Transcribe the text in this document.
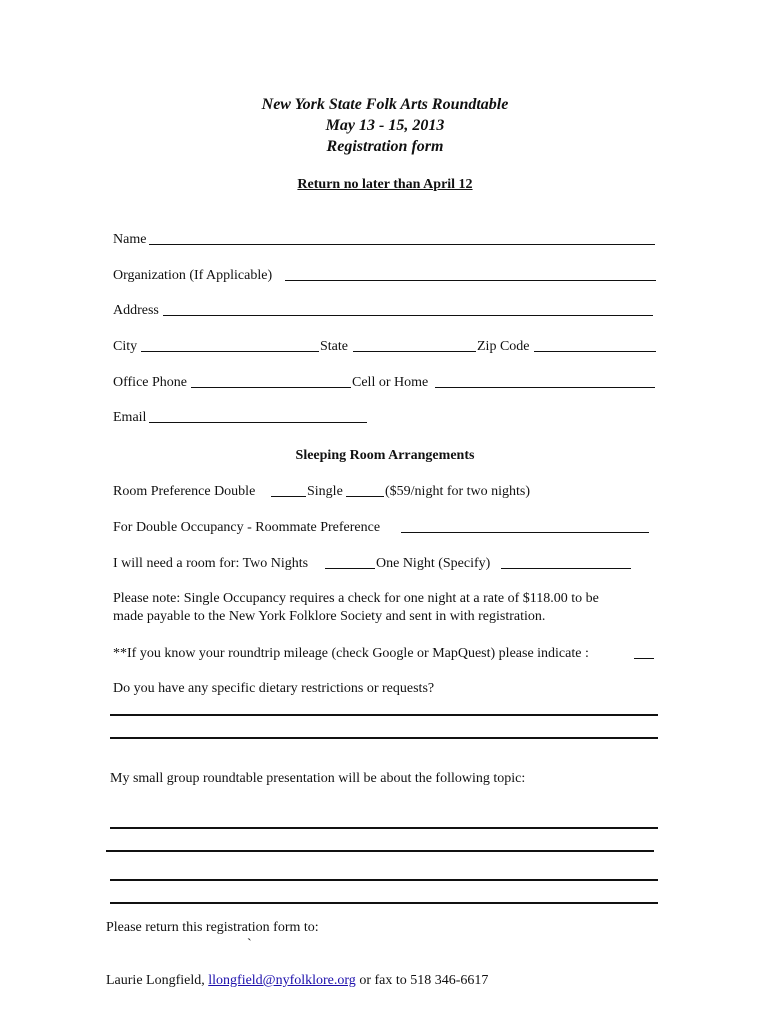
New York State Folk Arts Roundtable
May 13 - 15, 2013
Registration form
Return no later than April 12
Name
Organization (If Applicable)
Address
City	State	Zip Code
Office Phone	Cell or Home
Email
Sleeping Room Arrangements
Room Preference Double	Single	($59/night for two nights)
For Double Occupancy - Roommate Preference
I will need a room for: Two Nights	One Night (Specify)
Please note: Single Occupancy requires a check for one night at a rate of $118.00 to be
made payable to the New York Folklore Society and sent in with registration.
**If you know your roundtrip mileage (check Google or MapQuest) please indicate :
Do you have any specific dietary restrictions or requests?
My small group roundtable presentation will be about the following topic:
Please return this registration form to:
`
Laurie Longfield, llongfield@nyfolklore.org or fax to 518 346-6617
